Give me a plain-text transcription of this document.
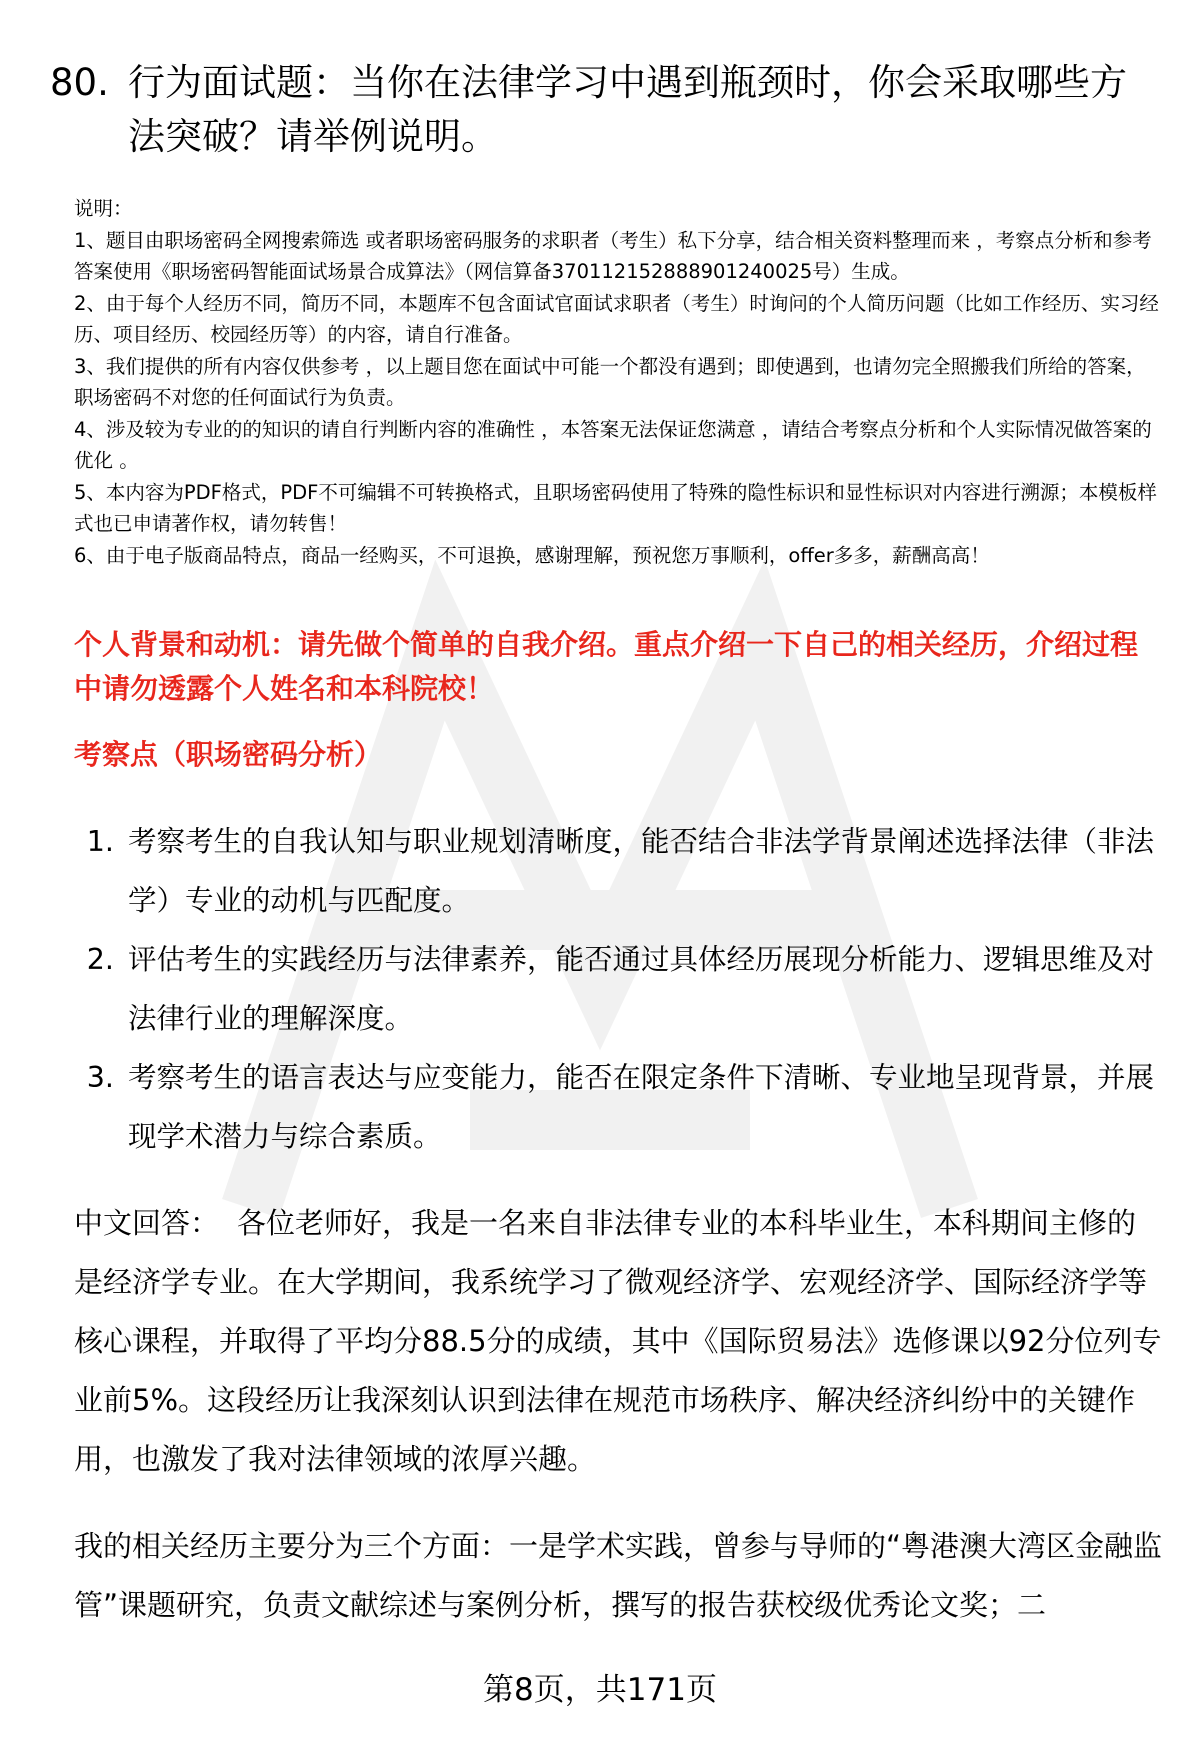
80. 行为面试题：当你在法律学习中遇到瓶颈时，你会采取哪些方法突破？请举例说明。

说明：

1、题目由职场密码全网搜索筛选 或者职场密码服务的求职者（考生）私下分享，结合相关资料整理而来 ，考察点分析和参考答案使用《职场密码智能面试场景合成算法》（网信算备370112152888901240025号）生成。

2、由于每个人经历不同，简历不同，本题库不包含面试官面试求职者（考生）时询问的个人简历问题（比如工作经历、实习经历、项目经历、校园经历等）的内容，请自行准备。

3、我们提供的所有内容仅供参考 ，以上题目您在面试中可能一个都没有遇到；即使遇到，也请勿完全照搬我们所给的答案，职场密码不对您的任何面试行为负责。

4、涉及较为专业的的知识的请自行判断内容的准确性 ，本答案无法保证您满意 ，请结合考察点分析和个人实际情况做答案的优化 。

5、本内容为PDF格式，PDF不可编辑不可转换格式，且职场密码使用了特殊的隐性标识和显性标识对内容进行溯源；本模板样式也已申请著作权，请勿转售！

6、由于电子版商品特点，商品一经购买，不可退换，感谢理解，预祝您万事顺利，offer多多，薪酬高高！

个人背景和动机：请先做个简单的自我介绍。重点介绍一下自己的相关经历，介绍过程中请勿透露个人姓名和本科院校！

考察点（职场密码分析）

1. 考察考生的自我认知与职业规划清晰度，能否结合非法学背景阐述选择法律（非法学）专业的动机与匹配度。
2. 评估考生的实践经历与法律素养，能否通过具体经历展现分析能力、逻辑思维及对法律行业的理解深度。
3. 考察考生的语言表达与应变能力，能否在限定条件下清晰、专业地呈现背景，并展现学术潜力与综合素质。

中文回答： 各位老师好，我是一名来自非法律专业的本科毕业生，本科期间主修的是经济学专业。在大学期间，我系统学习了微观经济学、宏观经济学、国际经济学等核心课程，并取得了平均分88.5分的成绩，其中《国际贸易法》选修课以92分位列专业前5%。这段经历让我深刻认识到法律在规范市场秩序、解决经济纠纷中的关键作用，也激发了我对法律领域的浓厚兴趣。

我的相关经历主要分为三个方面：一是学术实践，曾参与导师的“粤港澳大湾区金融监管”课题研究，负责文献综述与案例分析，撰写的报告获校级优秀论文奖；二

第8页，共171页
